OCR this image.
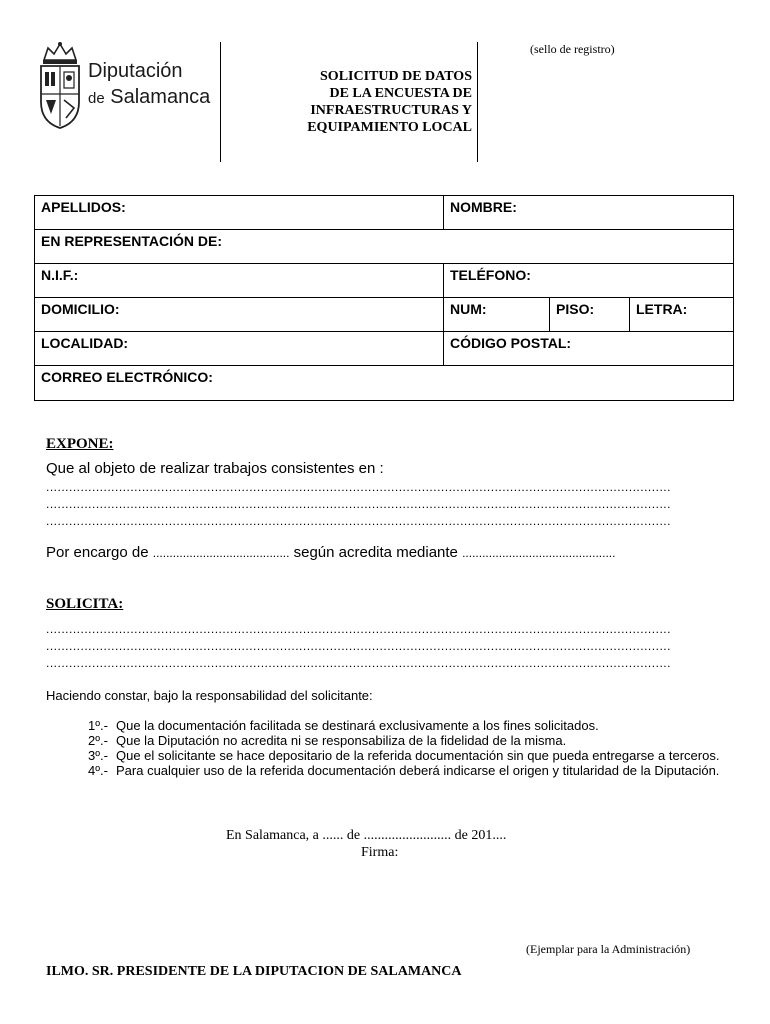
Diputación
de Salamanca
SOLICITUD DE DATOS
DE LA ENCUESTA DE
INFRAESTRUCTURAS Y
EQUIPAMIENTO LOCAL
(sello de registro)
APELLIDOS:	NOMBRE:
EN REPRESENTACIÓN DE:
N.I.F.:	TELÉFONO:
DOMICILIO:	NUM:	PISO:	LETRA:
LOCALIDAD:	CÓDIGO POSTAL:
CORREO ELECTRÓNICO:
EXPONE:
Que al objeto de realizar trabajos consistentes en :
...................................................................................................................................................................
...................................................................................................................................................................
...................................................................................................................................................................
Por encargo de ......................................... según acredita mediante ..............................................
SOLICITA:
...................................................................................................................................................................
...................................................................................................................................................................
...................................................................................................................................................................
Haciendo constar, bajo la responsabilidad del solicitante:
1º.- Que la documentación facilitada se destinará exclusivamente a los fines solicitados.
2º.- Que la Diputación no acredita ni se responsabiliza de la fidelidad de la misma.
3º.- Que el solicitante se hace depositario de la referida documentación sin que pueda entregarse a terceros.
4º.- Para cualquier uso de la referida documentación deberá indicarse el origen y titularidad de la Diputación.
En Salamanca, a ...... de ......................... de 201....
Firma:
(Ejemplar para la Administración)
ILMO. SR. PRESIDENTE DE LA DIPUTACION DE SALAMANCA
